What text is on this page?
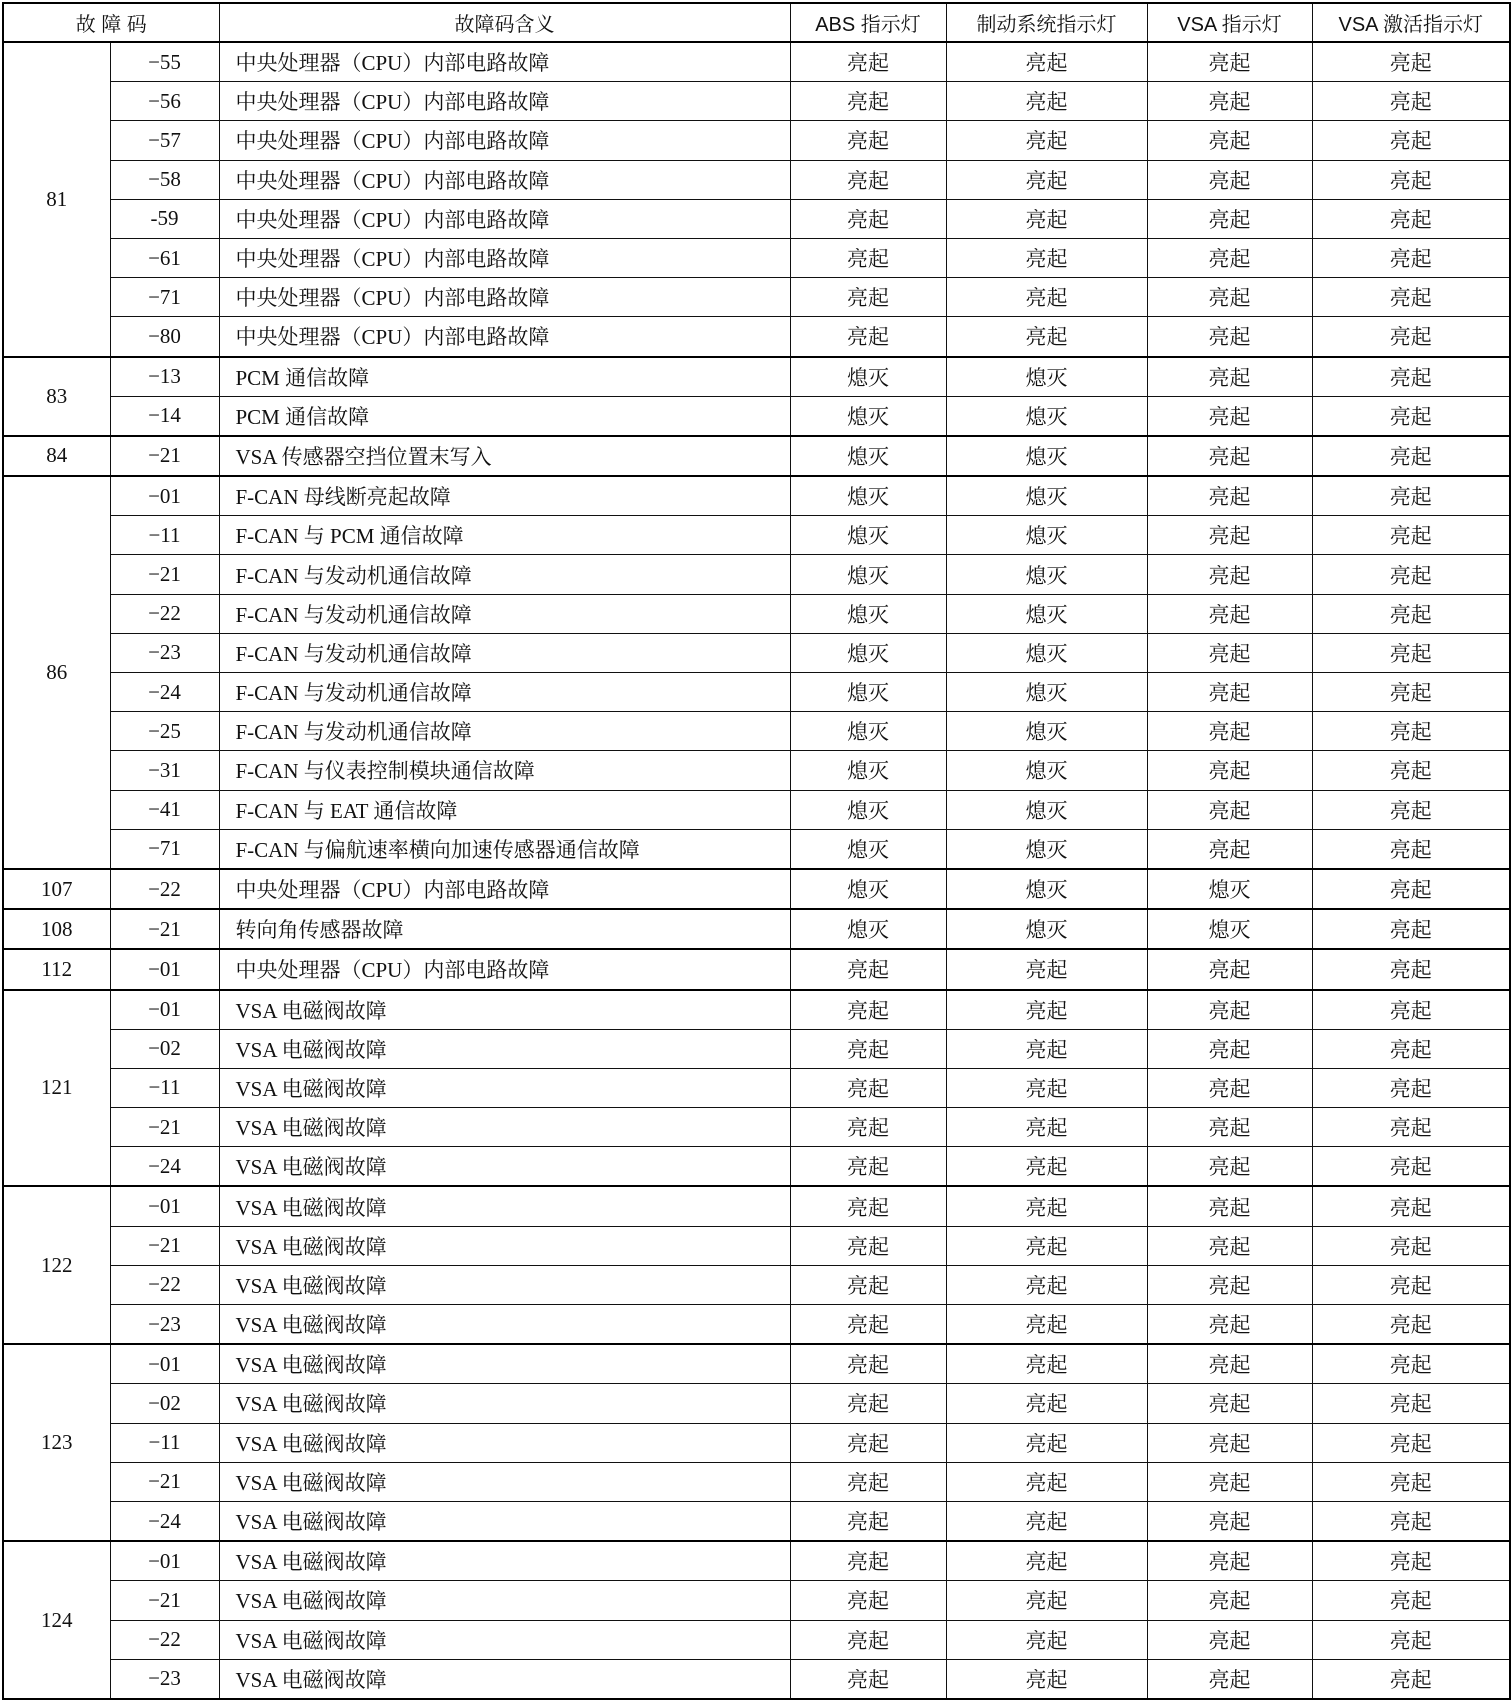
故 障 码		故障码含义	ABS 指示灯	制动系统指示灯	VSA 指示灯	VSA 激活指示灯
81	−55	中央处理器（CPU）内部电路故障	亮起	亮起	亮起	亮起
	−56	中央处理器（CPU）内部电路故障	亮起	亮起	亮起	亮起
	−57	中央处理器（CPU）内部电路故障	亮起	亮起	亮起	亮起
	−58	中央处理器（CPU）内部电路故障	亮起	亮起	亮起	亮起
	-59	中央处理器（CPU）内部电路故障	亮起	亮起	亮起	亮起
	−61	中央处理器（CPU）内部电路故障	亮起	亮起	亮起	亮起
	−71	中央处理器（CPU）内部电路故障	亮起	亮起	亮起	亮起
	−80	中央处理器（CPU）内部电路故障	亮起	亮起	亮起	亮起
83	−13	PCM 通信故障	熄灭	熄灭	亮起	亮起
	−14	PCM 通信故障	熄灭	熄灭	亮起	亮起
84	−21	VSA 传感器空挡位置末写入	熄灭	熄灭	亮起	亮起
86	−01	F-CAN 母线断亮起故障	熄灭	熄灭	亮起	亮起
	−11	F-CAN 与 PCM 通信故障	熄灭	熄灭	亮起	亮起
	−21	F-CAN 与发动机通信故障	熄灭	熄灭	亮起	亮起
	−22	F-CAN 与发动机通信故障	熄灭	熄灭	亮起	亮起
	−23	F-CAN 与发动机通信故障	熄灭	熄灭	亮起	亮起
	−24	F-CAN 与发动机通信故障	熄灭	熄灭	亮起	亮起
	−25	F-CAN 与发动机通信故障	熄灭	熄灭	亮起	亮起
	−31	F-CAN 与仪表控制模块通信故障	熄灭	熄灭	亮起	亮起
	−41	F-CAN 与 EAT 通信故障	熄灭	熄灭	亮起	亮起
	−71	F-CAN 与偏航速率横向加速传感器通信故障	熄灭	熄灭	亮起	亮起
107	−22	中央处理器（CPU）内部电路故障	熄灭	熄灭	熄灭	亮起
108	−21	转向角传感器故障	熄灭	熄灭	熄灭	亮起
112	−01	中央处理器（CPU）内部电路故障	亮起	亮起	亮起	亮起
121	−01	VSA 电磁阀故障	亮起	亮起	亮起	亮起
	−02	VSA 电磁阀故障	亮起	亮起	亮起	亮起
	−11	VSA 电磁阀故障	亮起	亮起	亮起	亮起
	−21	VSA 电磁阀故障	亮起	亮起	亮起	亮起
	−24	VSA 电磁阀故障	亮起	亮起	亮起	亮起
122	−01	VSA 电磁阀故障	亮起	亮起	亮起	亮起
	−21	VSA 电磁阀故障	亮起	亮起	亮起	亮起
	−22	VSA 电磁阀故障	亮起	亮起	亮起	亮起
	−23	VSA 电磁阀故障	亮起	亮起	亮起	亮起
123	−01	VSA 电磁阀故障	亮起	亮起	亮起	亮起
	−02	VSA 电磁阀故障	亮起	亮起	亮起	亮起
	−11	VSA 电磁阀故障	亮起	亮起	亮起	亮起
	−21	VSA 电磁阀故障	亮起	亮起	亮起	亮起
	−24	VSA 电磁阀故障	亮起	亮起	亮起	亮起
124	−01	VSA 电磁阀故障	亮起	亮起	亮起	亮起
	−21	VSA 电磁阀故障	亮起	亮起	亮起	亮起
	−22	VSA 电磁阀故障	亮起	亮起	亮起	亮起
	−23	VSA 电磁阀故障	亮起	亮起	亮起	亮起
